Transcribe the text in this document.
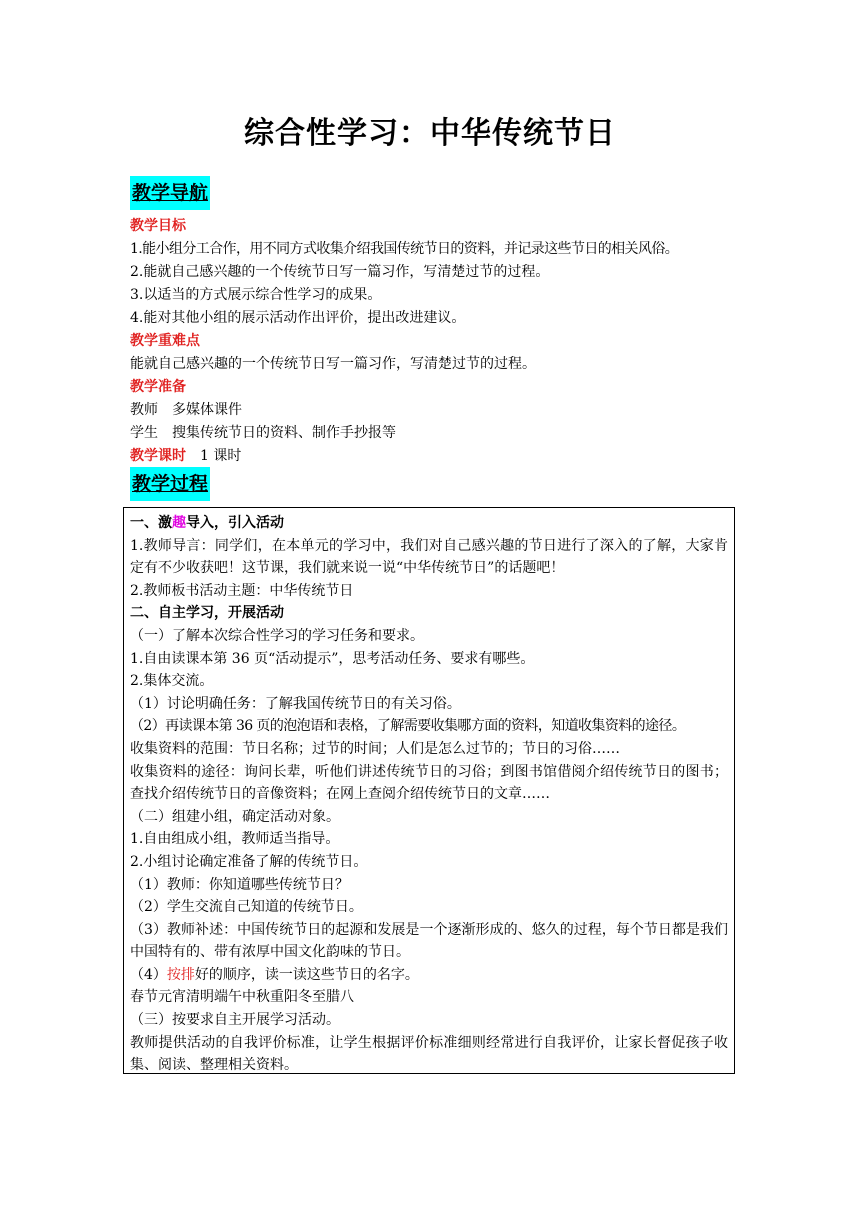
综合性学习：中华传统节日
教学导航
教学目标
1.能小组分工合作，用不同方式收集介绍我国传统节日的资料，并记录这些节日的相关风俗。
2.能就自己感兴趣的一个传统节日写一篇习作，写清楚过节的过程。
3.以适当的方式展示综合性学习的成果。
4.能对其他小组的展示活动作出评价，提出改进建议。
教学重难点
能就自己感兴趣的一个传统节日写一篇习作，写清楚过节的过程。
教学准备
教师　多媒体课件
学生　搜集传统节日的资料、制作手抄报等
教学课时 1 课时
教学过程
一、激趣导入，引入活动
1.教师导言：同学们，在本单元的学习中，我们对自己感兴趣的节日进行了深入的了解，大家肯定有不少收获吧！这节课，我们就来说一说“中华传统节日”的话题吧！
2.教师板书活动主题：中华传统节日
二、自主学习，开展活动
（一）了解本次综合性学习的学习任务和要求。
1.自由读课本第 36 页“活动提示”，思考活动任务、要求有哪些。
2.集体交流。
（1）讨论明确任务：了解我国传统节日的有关习俗。
（2）再读课本第 36 页的泡泡语和表格，了解需要收集哪方面的资料，知道收集资料的途径。
收集资料的范围：节日名称；过节的时间；人们是怎么过节的；节日的习俗……
收集资料的途径：询问长辈，听他们讲述传统节日的习俗；到图书馆借阅介绍传统节日的图书；查找介绍传统节日的音像资料；在网上查阅介绍传统节日的文章……
（二）组建小组，确定活动对象。
1.自由组成小组，教师适当指导。
2.小组讨论确定准备了解的传统节日。
（1）教师：你知道哪些传统节日？
（2）学生交流自己知道的传统节日。
（3）教师补述：中国传统节日的起源和发展是一个逐渐形成的、悠久的过程，每个节日都是我们中国特有的、带有浓厚中国文化韵味的节日。
（4）按排好的顺序，读一读这些节日的名字。
春节元宵清明端午中秋重阳冬至腊八
（三）按要求自主开展学习活动。
教师提供活动的自我评价标准，让学生根据评价标准细则经常进行自我评价，让家长督促孩子收集、阅读、整理相关资料。
